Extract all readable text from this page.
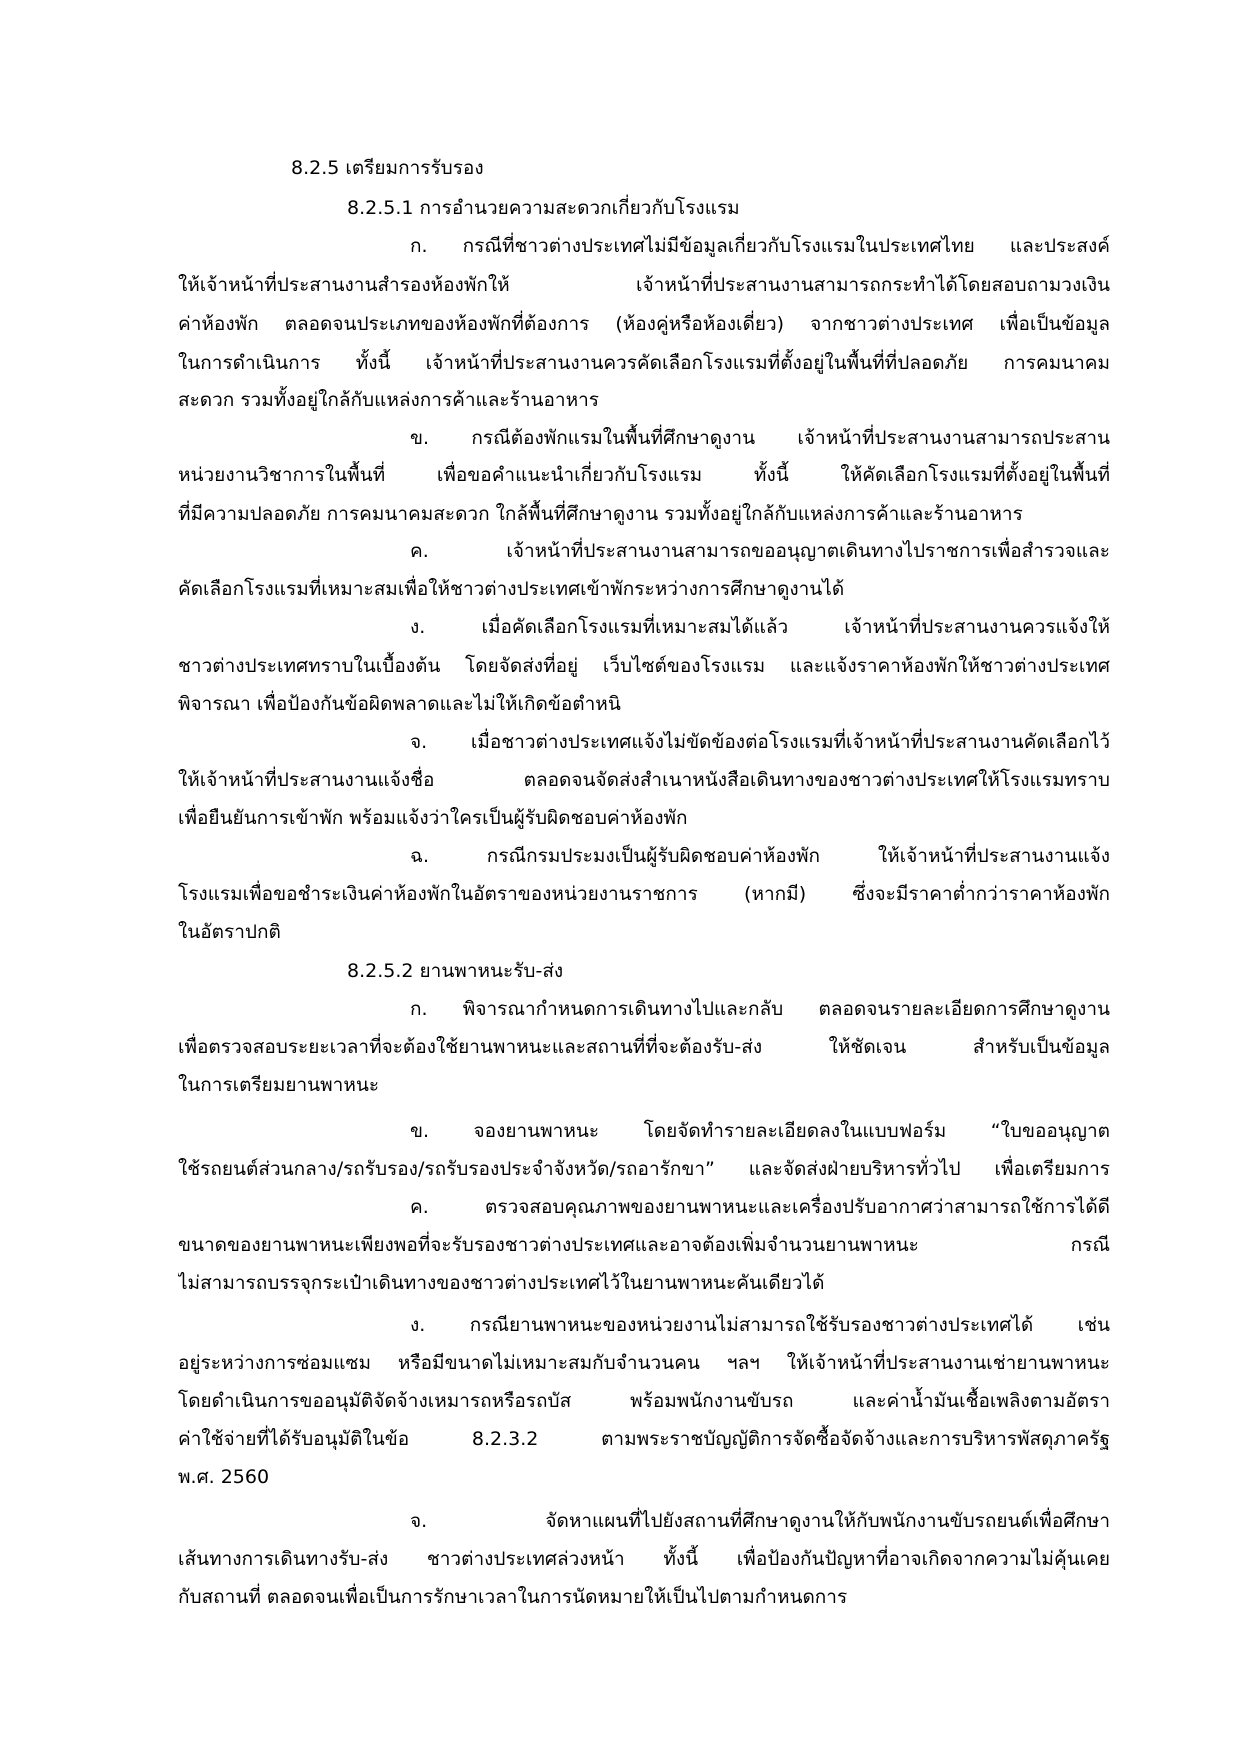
8.2.5 เตรียมการรับรอง
8.2.5.1 การอำนวยความสะดวกเกี่ยวกับโรงแรม
ก. กรณีที่ชาวต่างประเทศไม่มีข้อมูลเกี่ยวกับโรงแรมในประเทศไทย และประสงค์
ให้เจ้าหน้าที่ประสานงานสำรองห้องพักให้ เจ้าหน้าที่ประสานงานสามารถกระทำได้โดยสอบถามวงเงิน
ค่าห้องพัก ตลอดจนประเภทของห้องพักที่ต้องการ (ห้องคู่หรือห้องเดี่ยว) จากชาวต่างประเทศ เพื่อเป็นข้อมูล
ในการดำเนินการ ทั้งนี้ เจ้าหน้าที่ประสานงานควรคัดเลือกโรงแรมที่ตั้งอยู่ในพื้นที่ที่ปลอดภัย การคมนาคม
สะดวก รวมทั้งอยู่ใกล้กับแหล่งการค้าและร้านอาหาร
ข. กรณีต้องพักแรมในพื้นที่ศึกษาดูงาน เจ้าหน้าที่ประสานงานสามารถประสาน
หน่วยงานวิชาการในพื้นที่ เพื่อขอคำแนะนำเกี่ยวกับโรงแรม ทั้งนี้ ให้คัดเลือกโรงแรมที่ตั้งอยู่ในพื้นที่
ที่มีความปลอดภัย การคมนาคมสะดวก ใกล้พื้นที่ศึกษาดูงาน รวมทั้งอยู่ใกล้กับแหล่งการค้าและร้านอาหาร
ค. เจ้าหน้าที่ประสานงานสามารถขออนุญาตเดินทางไปราชการเพื่อสำรวจและ
คัดเลือกโรงแรมที่เหมาะสมเพื่อให้ชาวต่างประเทศเข้าพักระหว่างการศึกษาดูงานได้
ง. เมื่อคัดเลือกโรงแรมที่เหมาะสมได้แล้ว เจ้าหน้าที่ประสานงานควรแจ้งให้
ชาวต่างประเทศทราบในเบื้องต้น โดยจัดส่งที่อยู่ เว็บไซต์ของโรงแรม และแจ้งราคาห้องพักให้ชาวต่างประเทศ
พิจารณา เพื่อป้องกันข้อผิดพลาดและไม่ให้เกิดข้อตำหนิ
จ. เมื่อชาวต่างประเทศแจ้งไม่ขัดข้องต่อโรงแรมที่เจ้าหน้าที่ประสานงานคัดเลือกไว้
ให้เจ้าหน้าที่ประสานงานแจ้งชื่อ ตลอดจนจัดส่งสำเนาหนังสือเดินทางของชาวต่างประเทศให้โรงแรมทราบ
เพื่อยืนยันการเข้าพัก พร้อมแจ้งว่าใครเป็นผู้รับผิดชอบค่าห้องพัก
ฉ. กรณีกรมประมงเป็นผู้รับผิดชอบค่าห้องพัก ให้เจ้าหน้าที่ประสานงานแจ้ง
โรงแรมเพื่อขอชำระเงินค่าห้องพักในอัตราของหน่วยงานราชการ (หากมี) ซึ่งจะมีราคาต่ำกว่าราคาห้องพัก
ในอัตราปกติ
8.2.5.2 ยานพาหนะรับ-ส่ง
ก. พิจารณากำหนดการเดินทางไปและกลับ ตลอดจนรายละเอียดการศึกษาดูงาน
เพื่อตรวจสอบระยะเวลาที่จะต้องใช้ยานพาหนะและสถานที่ที่จะต้องรับ-ส่ง ให้ชัดเจน สำหรับเป็นข้อมูล
ในการเตรียมยานพาหนะ
ข. จองยานพาหนะ โดยจัดทำรายละเอียดลงในแบบฟอร์ม “ใบขออนุญาต
ใช้รถยนต์ส่วนกลาง/รถรับรอง/รถรับรองประจำจังหวัด/รถอารักขา” และจัดส่งฝ่ายบริหารทั่วไป เพื่อเตรียมการ
ค. ตรวจสอบคุณภาพของยานพาหนะและเครื่องปรับอากาศว่าสามารถใช้การได้ดี
ขนาดของยานพาหนะเพียงพอที่จะรับรองชาวต่างประเทศและอาจต้องเพิ่มจำนวนยานพาหนะ กรณี
ไม่สามารถบรรจุกระเป๋าเดินทางของชาวต่างประเทศไว้ในยานพาหนะคันเดียวได้
ง. กรณียานพาหนะของหน่วยงานไม่สามารถใช้รับรองชาวต่างประเทศได้ เช่น
อยู่ระหว่างการซ่อมแซม หรือมีขนาดไม่เหมาะสมกับจำนวนคน ฯลฯ ให้เจ้าหน้าที่ประสานงานเช่ายานพาหนะ
โดยดำเนินการขออนุมัติจัดจ้างเหมารถหรือรถบัส พร้อมพนักงานขับรถ และค่าน้ำมันเชื้อเพลิงตามอัตรา
ค่าใช้จ่ายที่ได้รับอนุมัติในข้อ 8.2.3.2 ตามพระราชบัญญัติการจัดซื้อจัดจ้างและการบริหารพัสดุภาครัฐ
พ.ศ. 2560
จ. จัดหาแผนที่ไปยังสถานที่ศึกษาดูงานให้กับพนักงานขับรถยนต์เพื่อศึกษา
เส้นทางการเดินทางรับ-ส่ง ชาวต่างประเทศล่วงหน้า ทั้งนี้ เพื่อป้องกันปัญหาที่อาจเกิดจากความไม่คุ้นเคย
กับสถานที่ ตลอดจนเพื่อเป็นการรักษาเวลาในการนัดหมายให้เป็นไปตามกำหนดการ
